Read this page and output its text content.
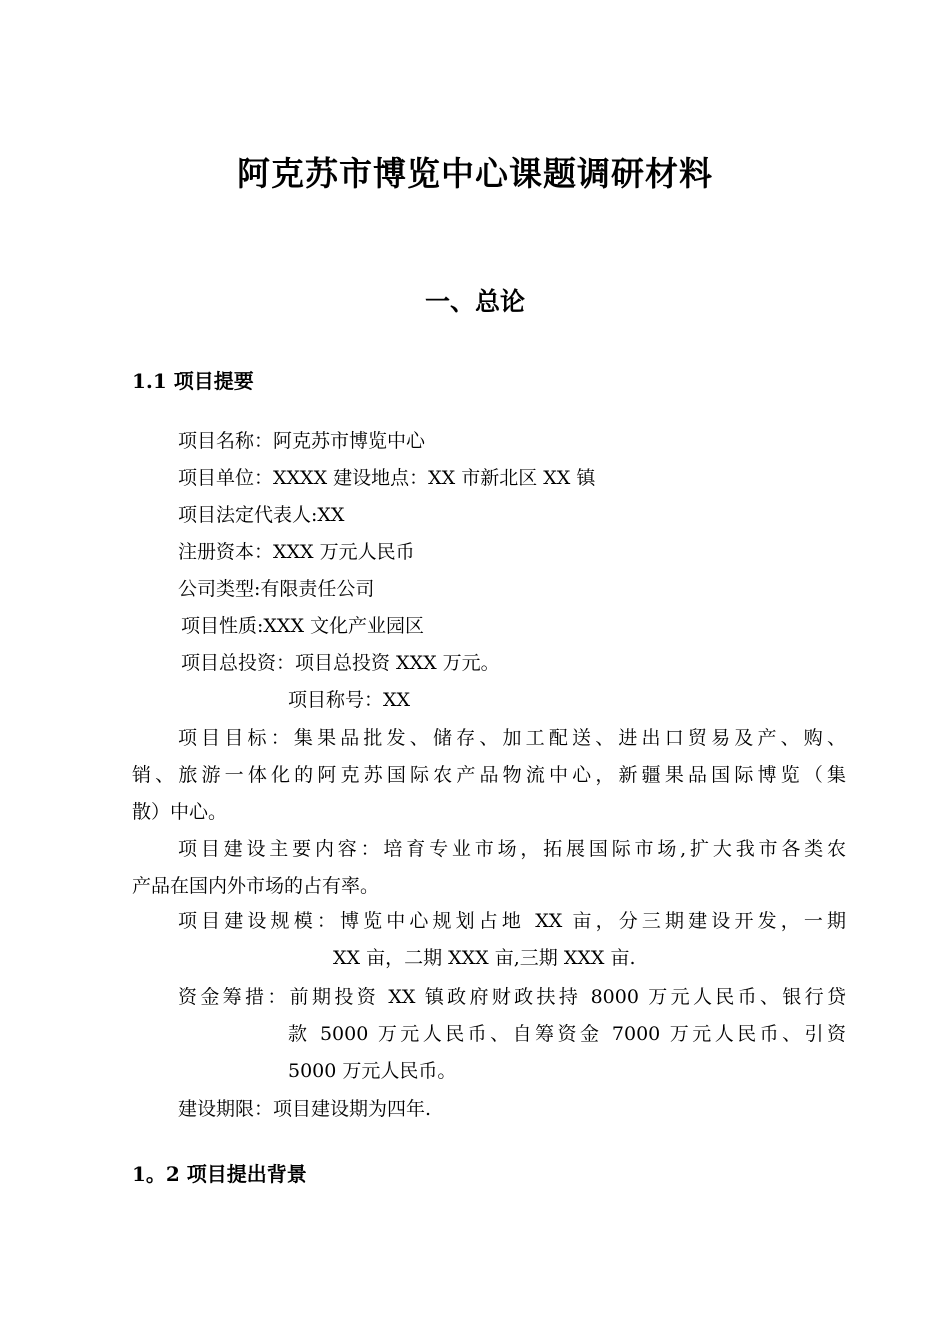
阿克苏市博览中心课题调研材料
一、总论
1.1 项目提要
项目名称：阿克苏市博览中心
项目单位：XXXX 建设地点：XX 市新北区 XX 镇
项目法定代表人:XX
注册资本：XXX 万元人民币
公司类型:有限责任公司
项目性质:XXX 文化产业园区
项目总投资：项目总投资 XXX 万元。
项目称号：XX
项目目标：集果品批发、储存、加工配送、进出口贸易及产、购、
销、旅游一体化的阿克苏国际农产品物流中心，新疆果品国际博览（集
散）中心。
项目建设主要内容：培育专业市场，拓展国际市场,扩大我市各类农
产品在国内外市场的占有率。
项目建设规模：博览中心规划占地 XX 亩，分三期建设开发，一期
XX 亩，二期 XXX 亩,三期 XXX 亩.
资金筹措：前期投资 XX 镇政府财政扶持 8000 万元人民币、银行贷
款 5000 万元人民币、自筹资金 7000 万元人民币、引资
5000 万元人民币。
建设期限：项目建设期为四年.
1。2 项目提出背景
